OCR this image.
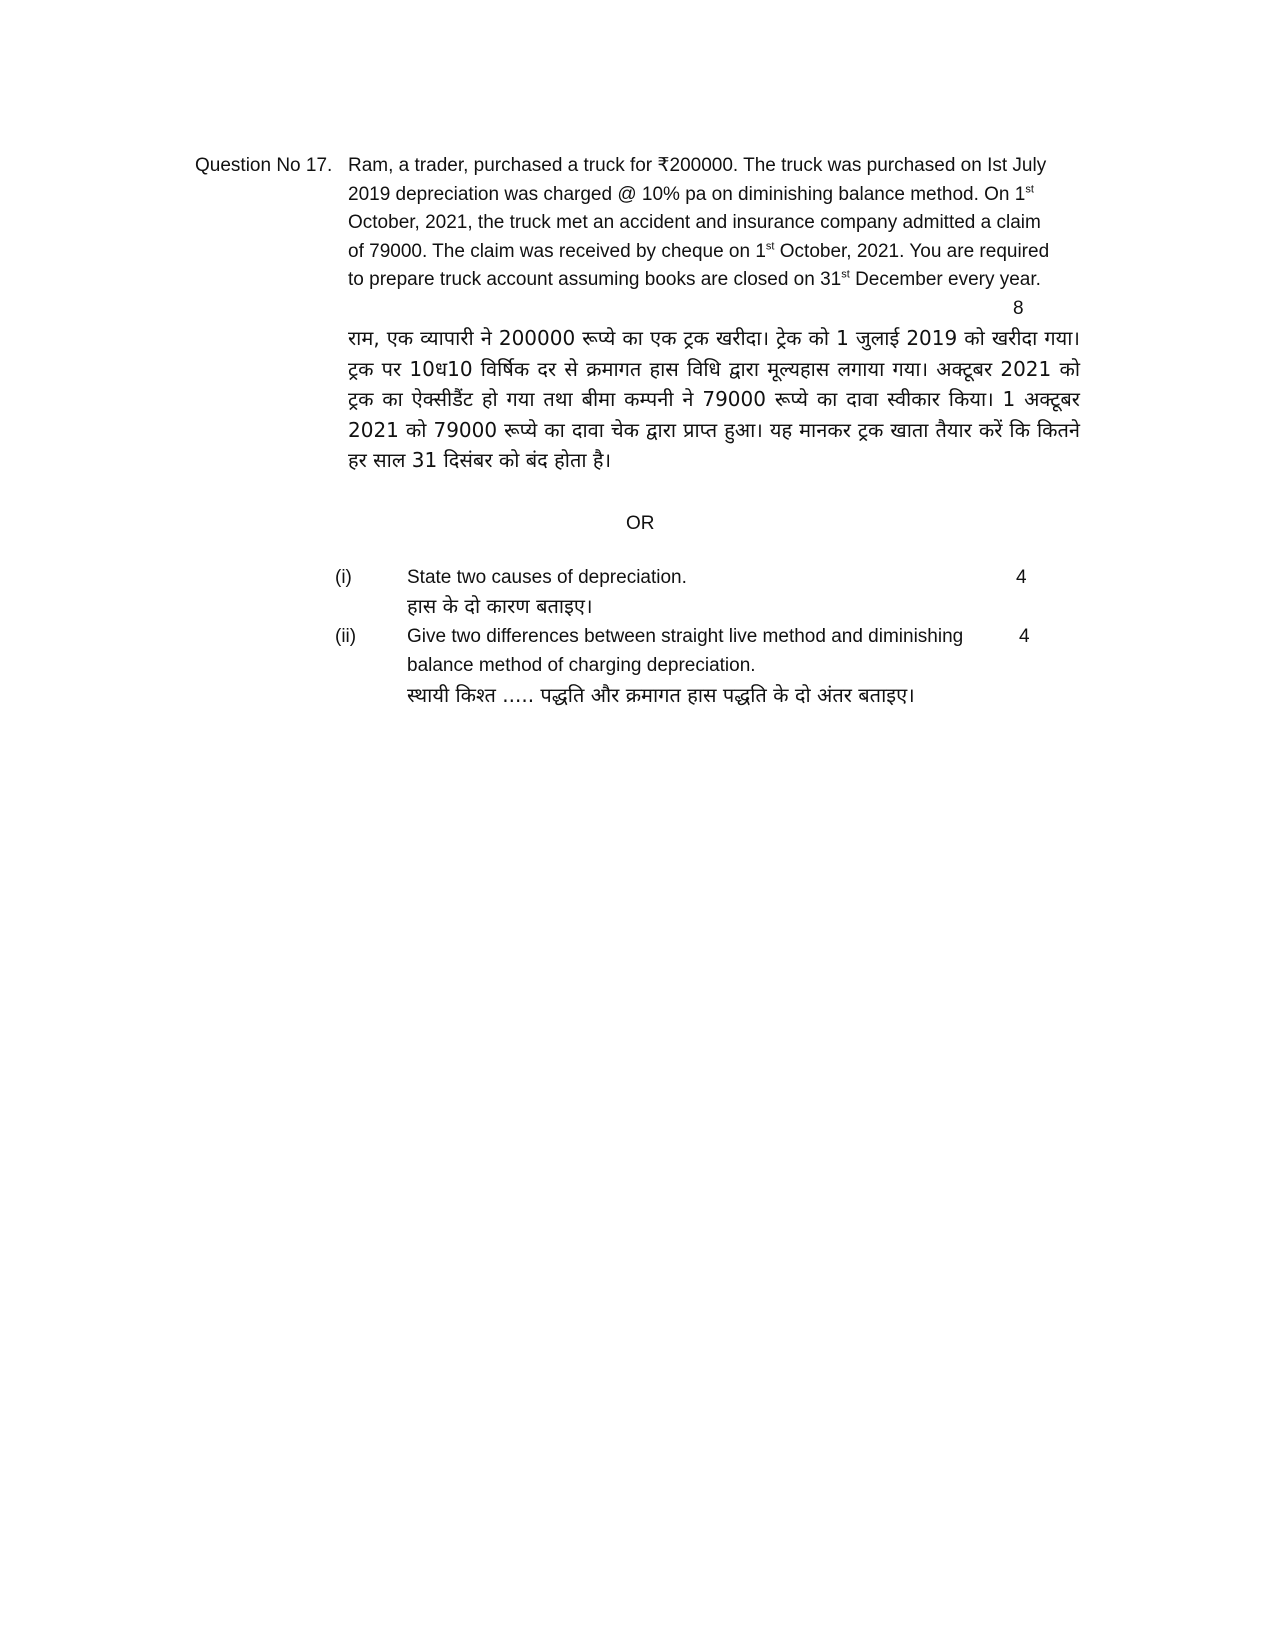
Question No 17. Ram, a trader, purchased a truck for ₹200000. The truck was purchased on Ist July
2019 depreciation was charged @ 10% pa on diminishing balance method. On 1st
October, 2021, the truck met an accident and insurance company admitted a claim
of 79000. The claim was received by cheque on 1st October, 2021. You are required
to prepare truck account assuming books are closed on 31st December every year.
8
राम, एक व्यापारी ने 200000 रूप्ये का एक ट्रक खरीदा। ट्रेक को 1 जुलाई 2019 को खरीदा गया। ट्रक पर 10ध10 विर्षिक दर से क्रमागत हास विधि द्वारा मूल्यहास लगाया गया। अक्टूबर 2021 को ट्रक का ऐक्सीडैंट हो गया तथा बीमा कम्पनी ने 79000 रूप्ये का दावा स्वीकार किया। 1 अक्टूबर 2021 को 79000 रूप्ये का दावा चेक द्वारा प्राप्त हुआ। यह मानकर ट्रक खाता तैयार करें कि कितने हर साल 31 दिसंबर को बंद होता है।
OR
(i)	State two causes of depreciation.	4
हास के दो कारण बताइए।
(ii)	Give two differences between straight live method and diminishing balance method of charging depreciation.
4
स्थायी किश्त ..... पद्धति और क्रमागत हास पद्धति के दो अंतर बताइए।
